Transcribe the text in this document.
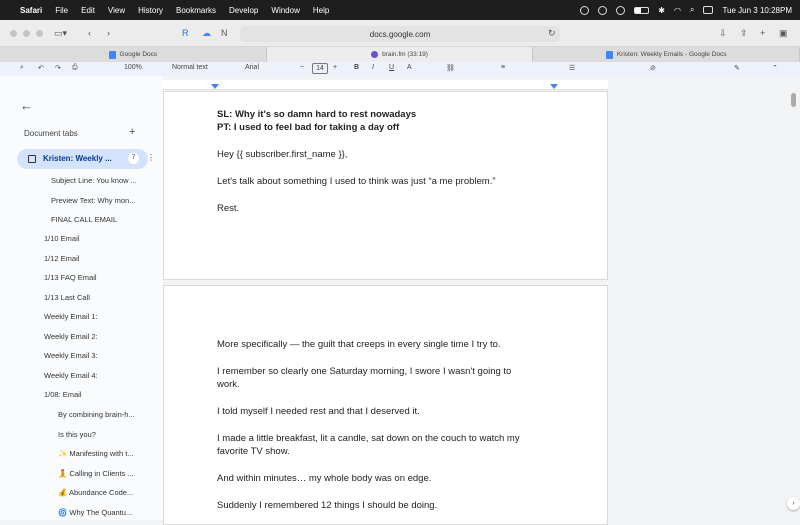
Safari File Edit View History Bookmarks Develop Window Help	✱ ◠ ⌕	Tue Jun 3 10:28PM
▭▾ ‹ ›	R ☁ N	docs.google.com	↻	⇩ ⇪ + ▣
Google Docs	brain.fm (33:19)	Kristen: Weekly Emails - Google Docs
⌕ ↶ ↷ ⎙	100%	Normal text	Arial	−	14	+ B I U A	⛓	≡	☰	⊘	✎	⌃
←
Document tabs	+
Kristen: Weekly ...	7	⋮
Subject Line: You know ...
Preview Text: Why mon...
FINAL CALL EMAIL
1/10 Email
1/12 Email
1/13 FAQ Email
1/13 Last Call
Weekly Email 1:
Weekly Email 2:
Weekly Email 3:
Weekly Email 4:
1/08: Email
By combining brain-h...
Is this you?
✨ Manifesting with t...
🧘 Calling in Clients ...
💰 Abundance Code...
🌀 Why The Quantu...
SL: Why it's so damn hard to rest nowadays
PT: I used to feel bad for taking a day off
Hey {{ subscriber.first_name }},
Let's talk about something I used to think was just “a me problem.”
Rest.
More specifically — the guilt that creeps in every single time I try to.
I remember so clearly one Saturday morning, I swore I wasn't going to
work.
I told myself I needed rest and that I deserved it.
I made a little breakfast, lit a candle, sat down on the couch to watch my
favorite TV show.
And within minutes… my whole body was on edge.
Suddenly I remembered 12 things I should be doing.	›
